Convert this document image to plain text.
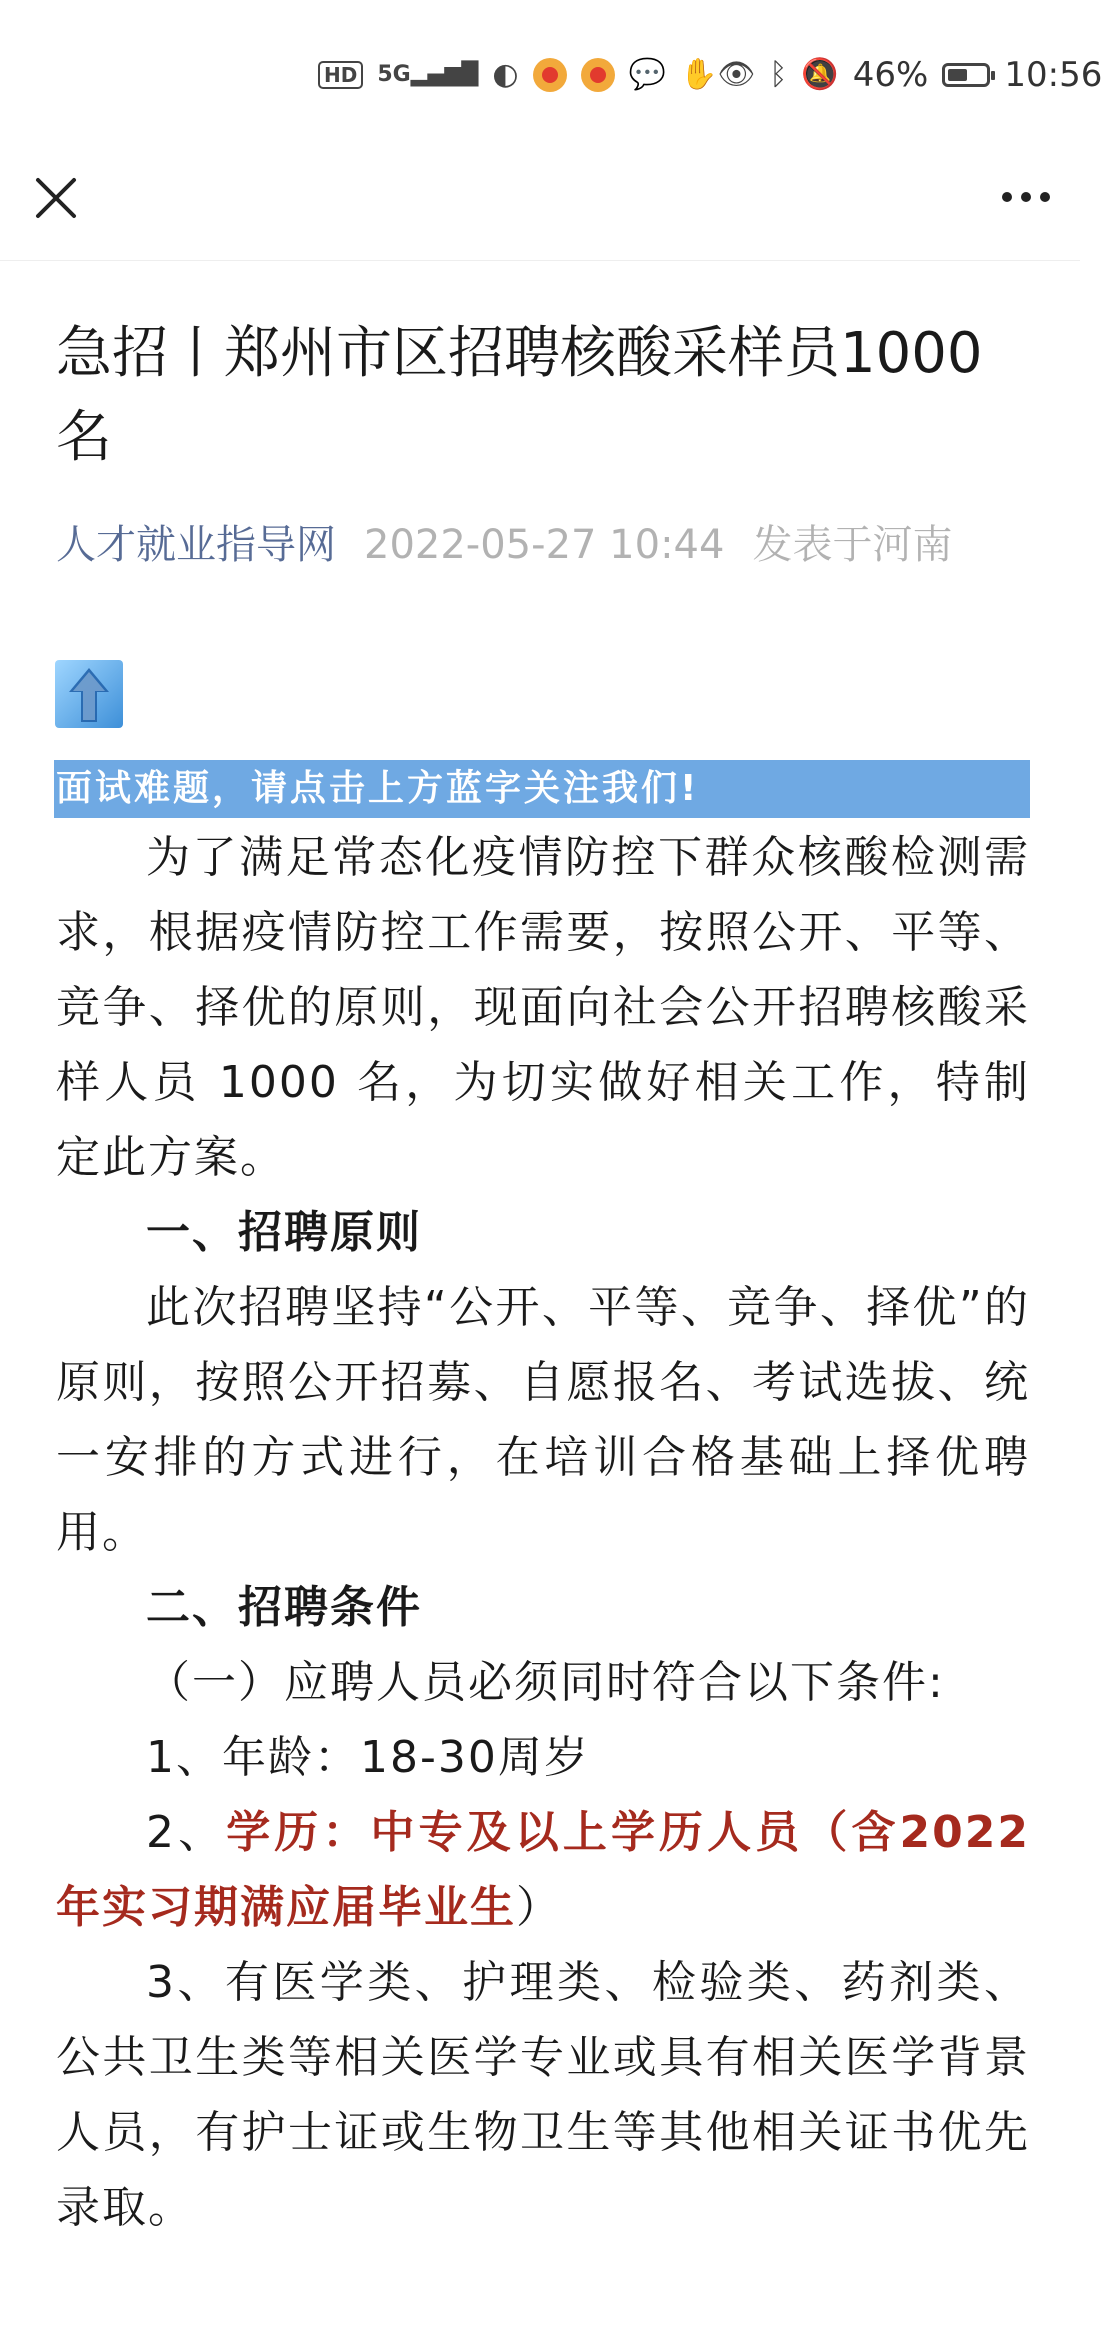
HD 5G▂▄▆█ ◐	💬 ✋ 👁 ᛒ 🔕 46% 10:56
急招丨郑州市区招聘核酸采样员1000名
人才就业指导网 2022-05-27 10:44 发表于河南
面试难题，请点击上方蓝字关注我们!

为了满足常态化疫情防控下群众核酸检测需求，根据疫情防控工作需要，按照公开、平等、竞争、择优的原则，现面向社会公开招聘核酸采样人员 1000 名，为切实做好相关工作，特制定此方案。

一、招聘原则

此次招聘坚持“公开、平等、竞争、择优”的原则，按照公开招募、自愿报名、考试选拔、统一安排的方式进行，在培训合格基础上择优聘用。

二、招聘条件

（一）应聘人员必须同时符合以下条件:

1、年龄：18-30周岁

2、学历：中专及以上学历人员（含2022年实习期满应届毕业生）

3、有医学类、护理类、检验类、药剂类、公共卫生类等相关医学专业或具有相关医学背景人员，有护士证或生物卫生等其他相关证书优先录取。
